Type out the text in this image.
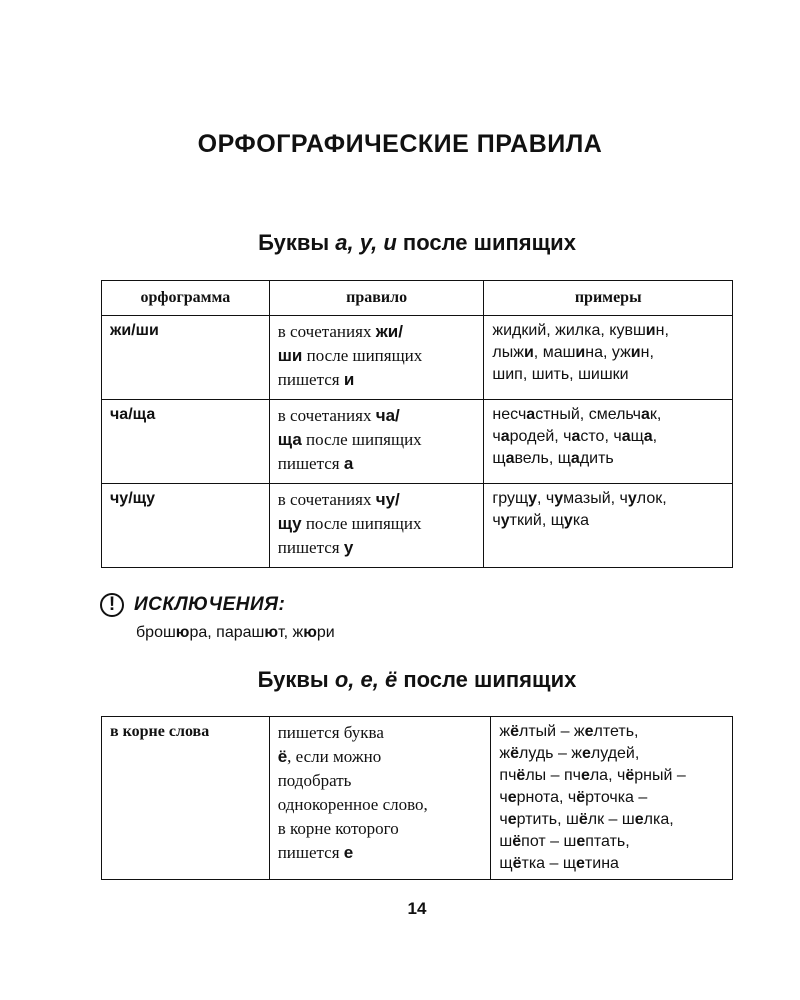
ОРФОГРАФИЧЕСКИЕ ПРАВИЛА
Буквы а, у, и после шипящих
орфограмма	правило	примеры
жи/ши	в сочетаниях жи/
ши после шипящих
пишется и	жидкий, жилка, кувшин,
лыжи, машина, ужин,
шип, шить, шишки
ча/ща	в сочетаниях ча/
ща после шипящих
пишется а	несчастный, смельчак,
чародей, часто, чаща,
щавель, щадить
чу/щу	в сочетаниях чу/
щу после шипящих
пишется у	грущу, чумазый, чулок,
чуткий, щука
! ИСКЛЮЧЕНИЯ:
брошюра, парашют, жюри
Буквы о, е, ё после шипящих
в корне слова	пишется буква
ё, если можно
подобрать
однокоренное слово,
в корне которого
пишется е	жёлтый – желтеть,
жёлудь – желудей,
пчёлы – пчела, чёрный –
чернота, чёрточка –
чертить, шёлк – шелка,
шёпот – шептать,
щётка – щетина
14
